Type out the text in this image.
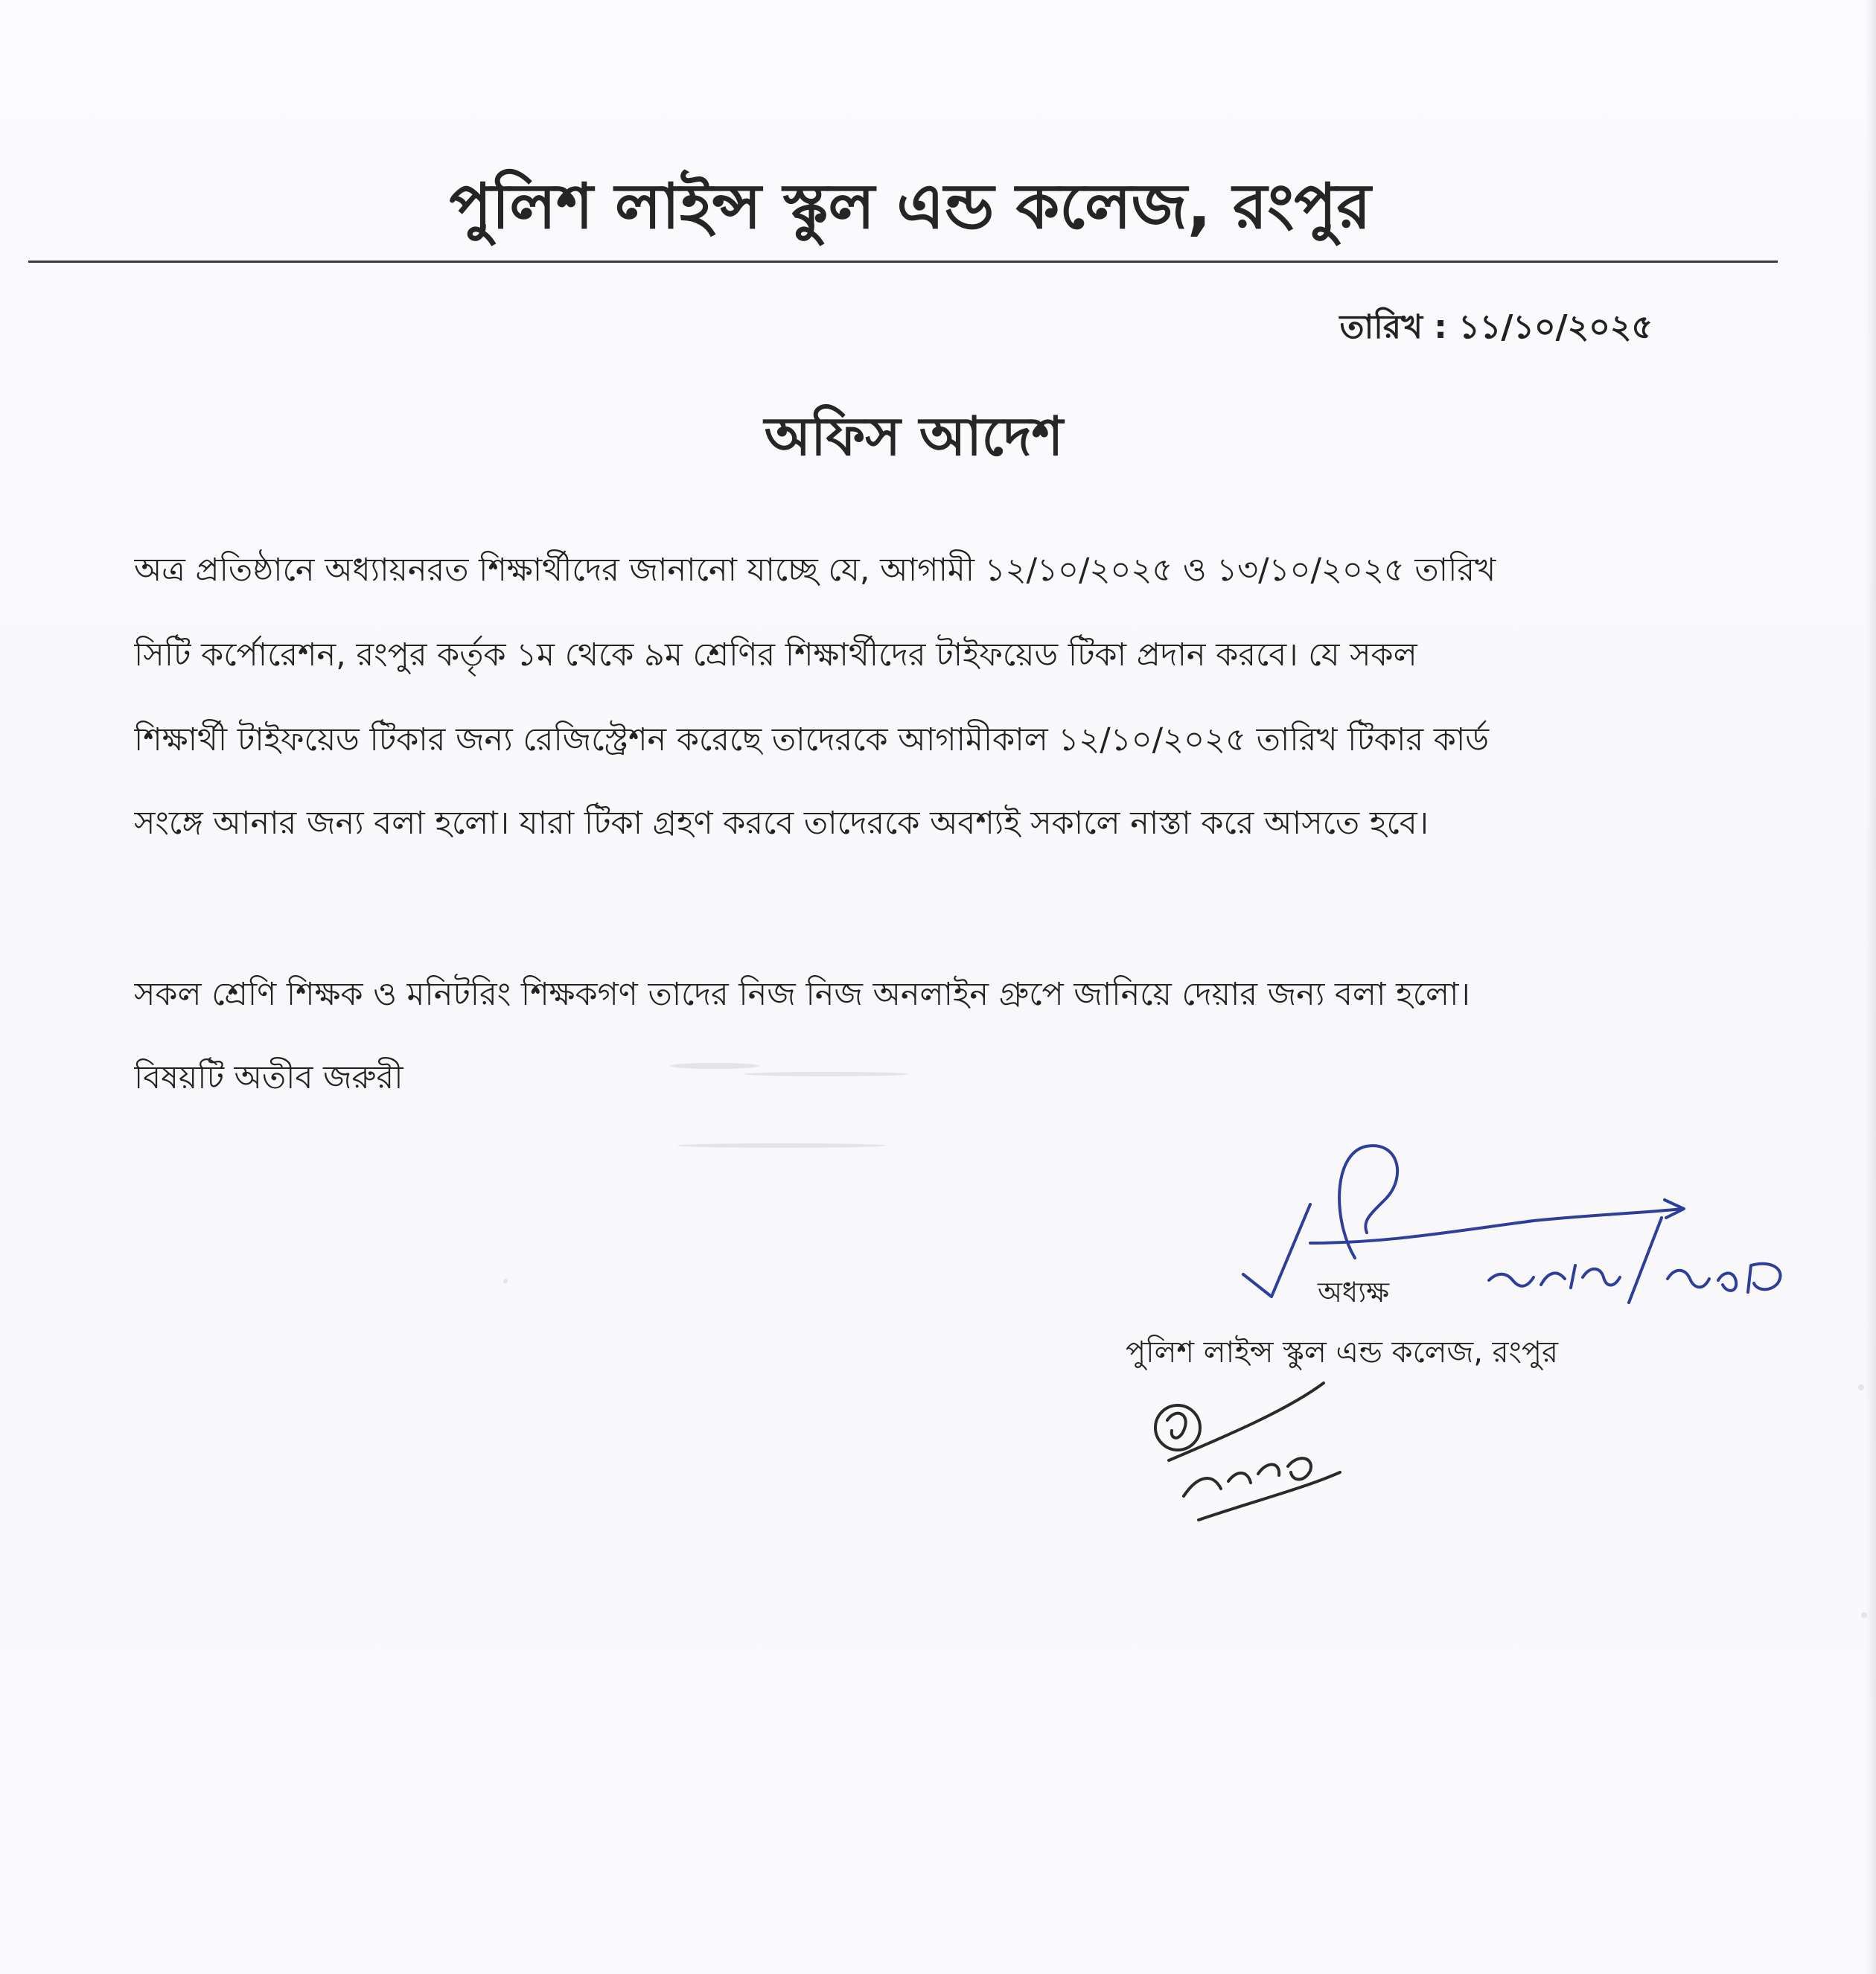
পুলিশ লাইন্স স্কুল এন্ড কলেজ, রংপুর
তারিখ : ১১/১০/২০২৫
অফিস আদেশ
অত্র প্রতিষ্ঠানে অধ্যায়নরত শিক্ষার্থীদের জানানো যাচ্ছে যে, আগামী ১২/১০/২০২৫ ও ১৩/১০/২০২৫ তারিখ
সিটি কর্পোরেশন, রংপুর কর্তৃক ১ম থেকে ৯ম শ্রেণির শিক্ষার্থীদের টাইফয়েড টিকা প্রদান করবে। যে সকল
শিক্ষার্থী টাইফয়েড টিকার জন্য রেজিস্ট্রেশন করেছে তাদেরকে আগামীকাল ১২/১০/২০২৫ তারিখ টিকার কার্ড
সংঙ্গে আনার জন্য বলা হলো। যারা টিকা গ্রহণ করবে তাদেরকে অবশ্যই সকালে নাস্তা করে আসতে হবে।
সকল শ্রেণি শিক্ষক ও মনিটরিং শিক্ষকগণ তাদের নিজ নিজ অনলাইন গ্রুপে জানিয়ে দেয়ার জন্য বলা হলো।
বিষয়টি অতীব জরুরী
অধ্যক্ষ
পুলিশ লাইন্স স্কুল এন্ড কলেজ, রংপুর
